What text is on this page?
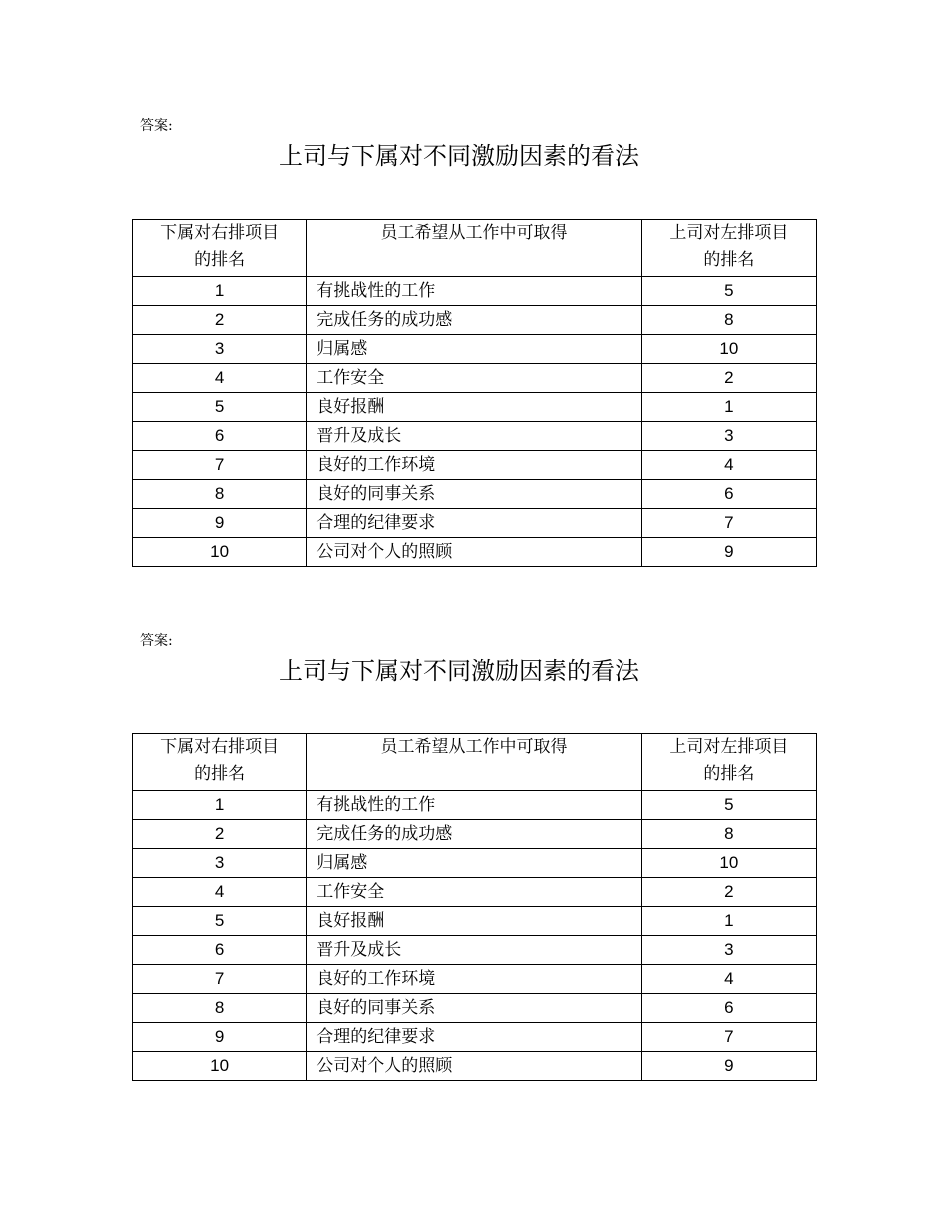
答案:
上司与下属对不同激励因素的看法
下属对右排项目
的排名	员工希望从工作中可取得	上司对左排项目
的排名

1	有挑战性的工作	5
2	完成任务的成功感	8
3	归属感	10
4	工作安全	2
5	良好报酬	1
6	晋升及成长	3
7	良好的工作环境	4
8	良好的同事关系	6
9	合理的纪律要求	7
10	公司对个人的照顾	9
答案:
上司与下属对不同激励因素的看法
下属对右排项目
的排名	员工希望从工作中可取得	上司对左排项目
的排名

1	有挑战性的工作	5
2	完成任务的成功感	8
3	归属感	10
4	工作安全	2
5	良好报酬	1
6	晋升及成长	3
7	良好的工作环境	4
8	良好的同事关系	6
9	合理的纪律要求	7
10	公司对个人的照顾	9
